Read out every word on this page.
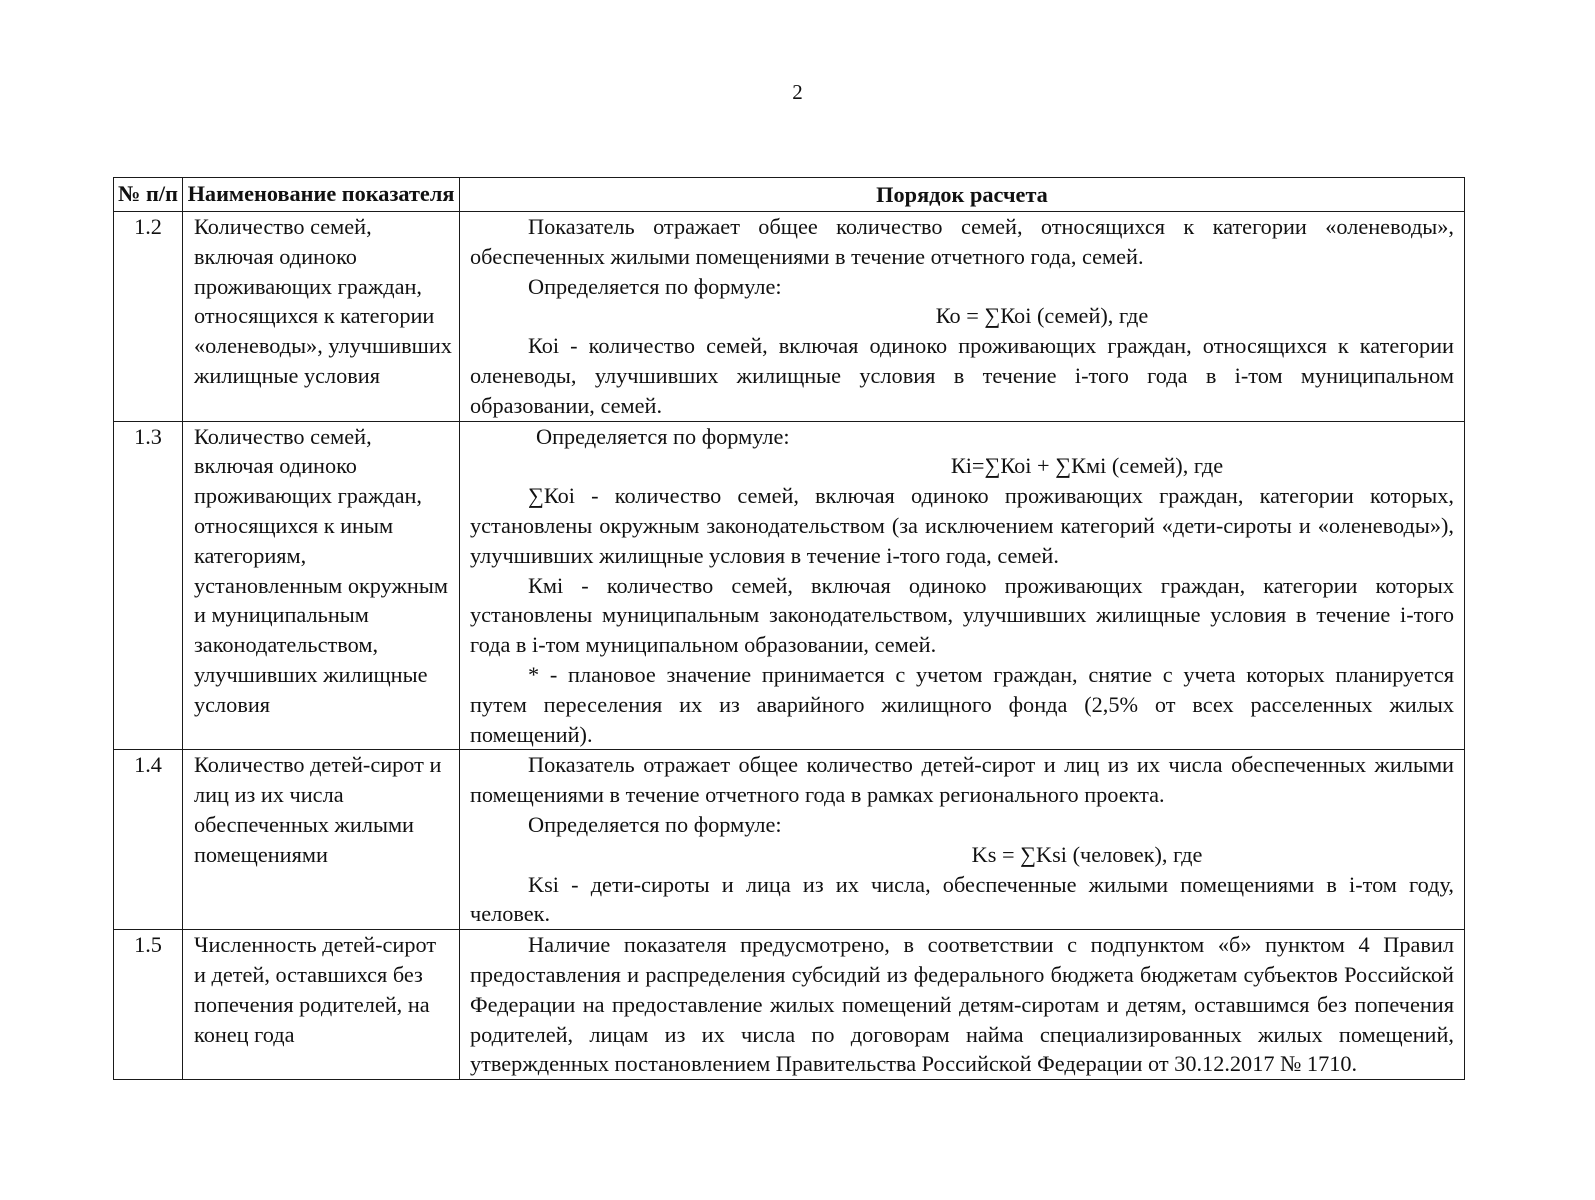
2
№ п/п	Наименование показателя	Порядок расчета
1.2	Количество семей, включая одиноко проживающих граждан, относящихся к категории «оленеводы», улучшивших жилищные условия	Показатель отражает общее количество семей, относящихся к категории «оленеводы», обеспеченных жилыми помещениями в течение отчетного года, семей.
Определяется по формуле:
Ко = ∑Коi (семей), где
Коi - количество семей, включая одиноко проживающих граждан, относящихся к категории оленеводы, улучшивших жилищные условия в течение i-того года в i-том муниципальном образовании, семей.

1.3	Количество семей, включая одиноко проживающих граждан, относящихся к иным категориям, установленным окружным и муниципальным законодательством, улучшивших жилищные условия	Определяется по формуле:
Кi=∑Коi + ∑Кмi (семей), где
∑Коi - количество семей, включая одиноко проживающих граждан, категории которых, установлены окружным законодательством (за исключением категорий «дети-сироты и «оленеводы»), улучшивших жилищные условия в течение i-того года, семей.
Кмi - количество семей, включая одиноко проживающих граждан, категории которых установлены муниципальным законодательством, улучшивших жилищные условия в течение i-того года в i-том муниципальном образовании, семей.
* - плановое значение принимается с учетом граждан, снятие с учета которых планируется путем переселения их из аварийного жилищного фонда (2,5% от всех расселенных жилых помещений).

1.4	Количество детей-сирот и лиц из их числа обеспеченных жилыми помещениями	Показатель отражает общее количество детей-сирот и лиц из их числа обеспеченных жилыми помещениями в течение отчетного года в рамках регионального проекта.
Определяется по формуле:
Ks = ∑Ksi (человек), где
Ksi - дети-сироты и лица из их числа, обеспеченные жилыми помещениями в i-том году, человек.

1.5	Численность детей-сирот и детей, оставшихся без попечения родителей, на конец года	Наличие показателя предусмотрено, в соответствии с подпунктом «б» пунктом 4 Правил предоставления и распределения субсидий из федерального бюджета бюджетам субъектов Российской Федерации на предоставление жилых помещений детям-сиротам и детям, оставшимся без попечения родителей, лицам из их числа по договорам найма специализированных жилых помещений, утвержденных постановлением Правительства Российской Федерации от 30.12.2017 № 1710.
